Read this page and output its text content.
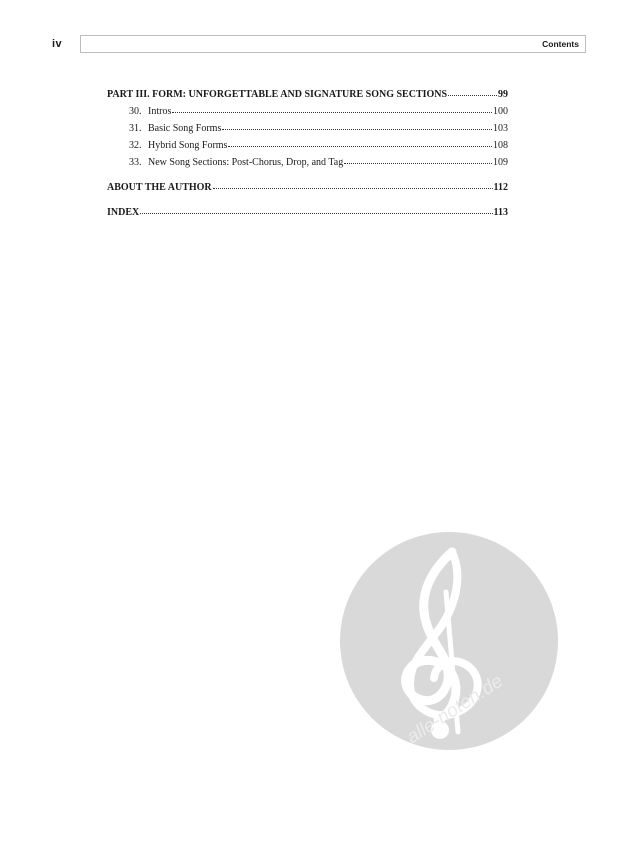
iv	Contents
PART III. FORM: UNFORGETTABLE AND SIGNATURE SONG SECTIONS	99
30. Intros	100
31. Basic Song Forms	103
32. Hybrid Song Forms	108
33. New Song Sections: Post-Chorus, Drop, and Tag	109
ABOUT THE AUTHOR	112
INDEX	113
alle-noten.de
